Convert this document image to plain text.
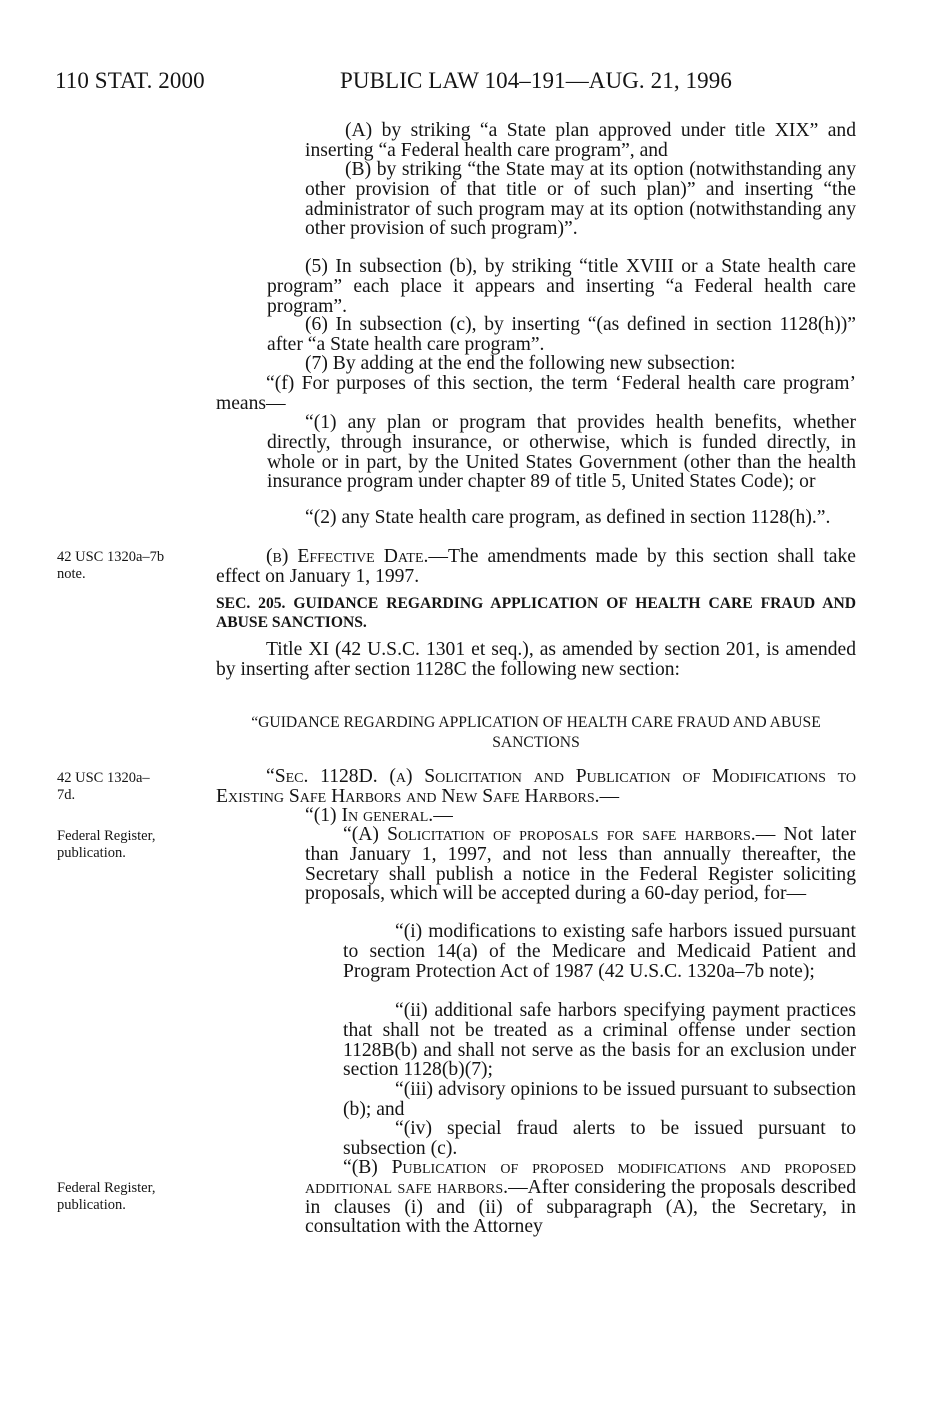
110 STAT. 2000	PUBLIC LAW 104–191—AUG. 21, 1996

(A) by striking “a State plan approved under title XIX” and inserting “a Federal health care program”, and

(B) by striking “the State may at its option (notwithstanding any other provision of that title or of such plan)” and inserting “the administrator of such program may at its option (notwithstanding any other provision of such program)”.

(5) In subsection (b), by striking “title XVIII or a State health care program” each place it appears and inserting “a Federal health care program”.

(6) In subsection (c), by inserting “(as defined in section 1128(h))” after “a State health care program”.

(7) By adding at the end the following new subsection:

“(f) For purposes of this section, the term ‘Federal health care program’ means—

“(1) any plan or program that provides health benefits, whether directly, through insurance, or otherwise, which is funded directly, in whole or in part, by the United States Government (other than the health insurance program under chapter 89 of title 5, United States Code); or

“(2) any State health care program, as defined in section 1128(h).”.

42 USC 1320a–7b note.

(b) Effective Date.—The amendments made by this section shall take effect on January 1, 1997.

SEC. 205. GUIDANCE REGARDING APPLICATION OF HEALTH CARE FRAUD AND ABUSE SANCTIONS.

Title XI (42 U.S.C. 1301 et seq.), as amended by section 201, is amended by inserting after section 1128C the following new section:

“GUIDANCE REGARDING APPLICATION OF HEALTH CARE FRAUD AND ABUSE SANCTIONS

42 USC 1320a–7d.

“Sec. 1128D. (a) Solicitation and Publication of Modifications to Existing Safe Harbors and New Safe Harbors.—

“(1) In general.—

Federal Register, publication.

“(A) Solicitation of proposals for safe harbors.— Not later than January 1, 1997, and not less than annually thereafter, the Secretary shall publish a notice in the Federal Register soliciting proposals, which will be accepted during a 60-day period, for—

“(i) modifications to existing safe harbors issued pursuant to section 14(a) of the Medicare and Medicaid Patient and Program Protection Act of 1987 (42 U.S.C. 1320a–7b note);

“(ii) additional safe harbors specifying payment practices that shall not be treated as a criminal offense under section 1128B(b) and shall not serve as the basis for an exclusion under section 1128(b)(7);

“(iii) advisory opinions to be issued pursuant to subsection (b); and

“(iv) special fraud alerts to be issued pursuant to subsection (c).

Federal Register, publication.

“(B) Publication of proposed modifications and proposed additional safe harbors.—After considering the proposals described in clauses (i) and (ii) of subparagraph (A), the Secretary, in consultation with the Attorney
